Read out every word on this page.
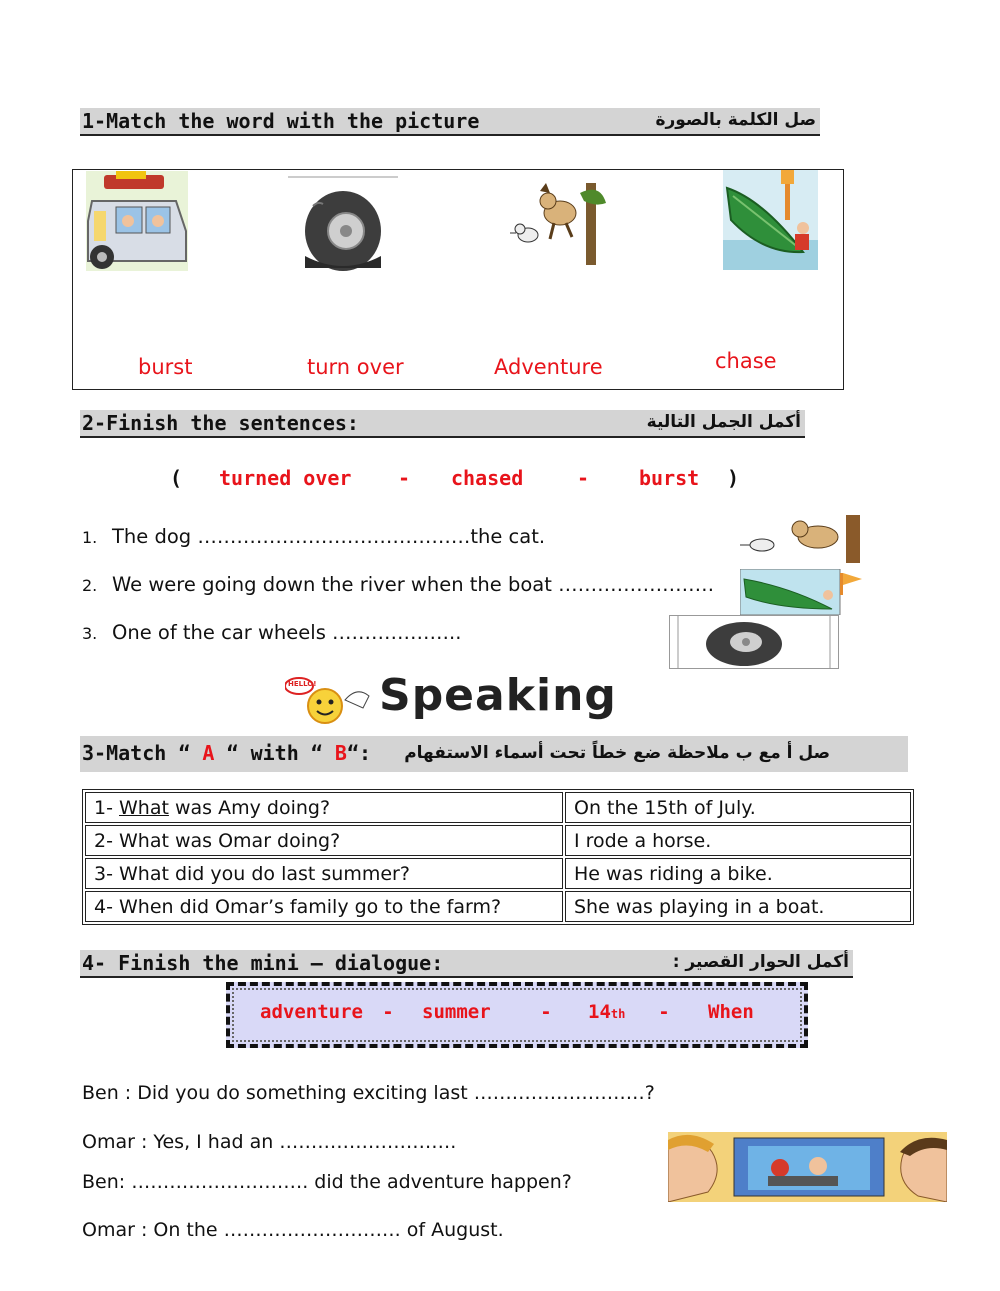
1-Match the word with the picture	صل الكلمة بالصورة
burst	turn over	Adventure	chase
2-Finish the sentences:	أكمل الجمل التالية
( turned over - chased	- burst )
1. The dog ……………………………………the cat.
2. We were going down the river when the boat ……………………
3. One of the car wheels ………………..
HELLO! Speaking
3-Match “ A “ with “ B“: صل أ مع ب ملاحظة ضع خطاً تحت أسماء الاستفهام
1- What was Amy doing?	On the 15th of July.
2- What was Omar doing?	I rode a horse.
3- What did you do last summer?	He was riding a bike.
4- When did Omar’s family go to the farm?	She was playing in a boat.
4- Finish the mini – dialogue:	أكمل الحوار القصير :
adventure - summer	- 14th - When
Ben : Did you do something exciting last ………………………?
Omar : Yes, I had an ……………………….
Ben: ………………………. did the adventure happen?
Omar : On the ………………………. of August.
